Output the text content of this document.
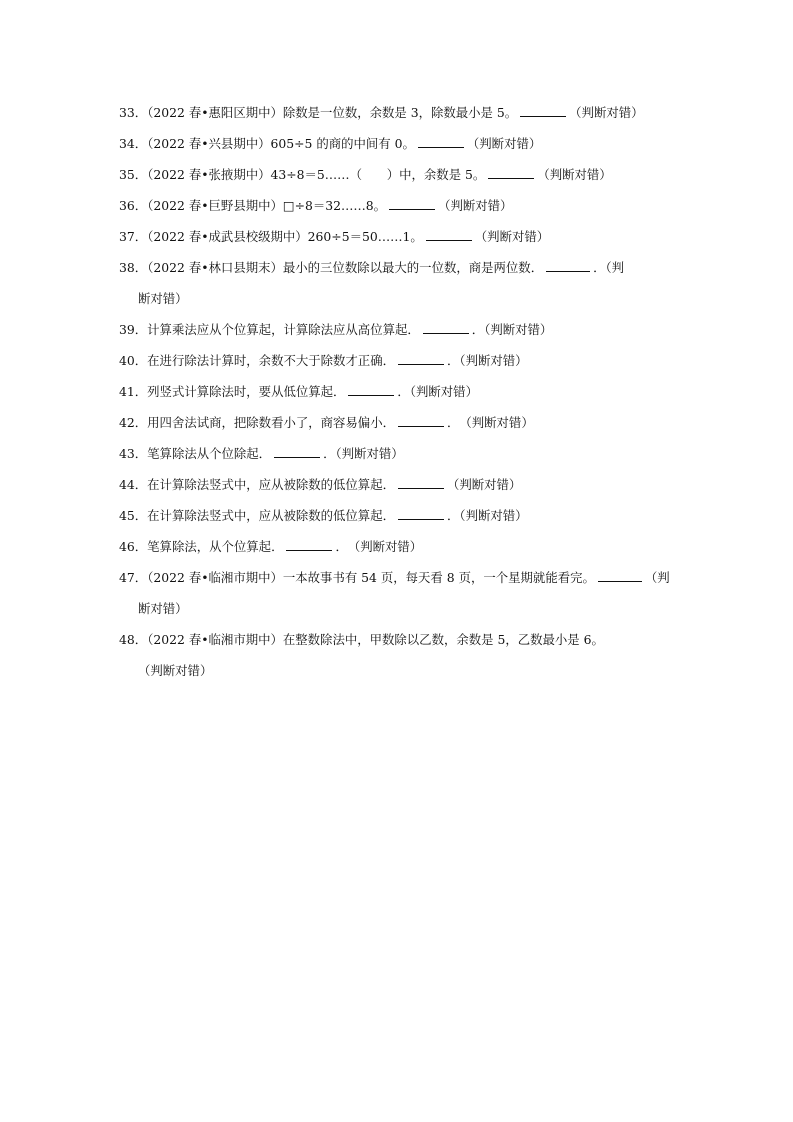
33．（2022 春•惠阳区期中）除数是一位数，余数是 3，除数最小是 5。	（判断对错）
34．（2022 春•兴县期中）605÷5 的商的中间有 0。	（判断对错）
35．（2022 春•张掖期中）43÷8＝5……（　　）中，余数是 5。	（判断对错）
36．（2022 春•巨野县期中）□÷8＝32……8。	（判断对错）
37．（2022 春•成武县校级期中）260÷5＝50……1。	（判断对错）
38．（2022 春•林口县期末）最小的三位数除以最大的一位数，商是两位数．	．（判
断对错）
39．计算乘法应从个位算起，计算除法应从高位算起．	．（判断对错）
40．在进行除法计算时，余数不大于除数才正确．	．（判断对错）
41．列竖式计算除法时，要从低位算起．	．（判断对错）
42．用四舍法试商，把除数看小了，商容易偏小．	．　（判断对错）
43．笔算除法从个位除起．	．（判断对错）
44．在计算除法竖式中，应从被除数的低位算起．	（判断对错）
45．在计算除法竖式中，应从被除数的低位算起．	．（判断对错）
46．笔算除法，从个位算起．	．　（判断对错）
47．（2022 春•临湘市期中）一本故事书有 54 页，每天看 8 页，一个星期就能看完。	（判
断对错）
48．（2022 春•临湘市期中）在整数除法中，甲数除以乙数，余数是 5，乙数最小是 6。
（判断对错）
